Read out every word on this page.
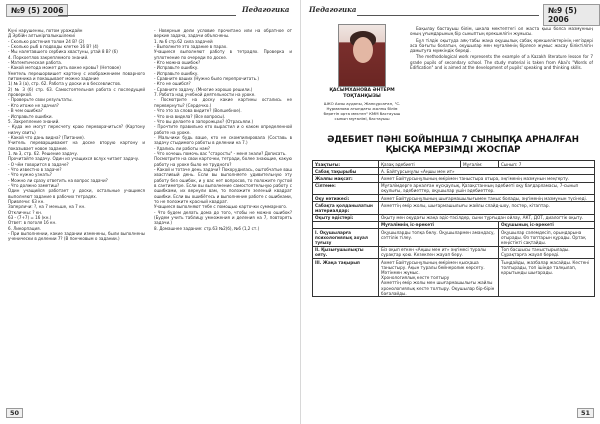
№9 (5) 2006	Педагогика

Күні нарушенны, потом ураждайн

Д Эрбійн алтыкірпалыкшілекиі

- Сколько растения толом 24 В? (2)

- Сколько рыб в подводы клетке 16 В? (4)

- Мы налетавшего сербика хвастуны, ртай 8 В? (6)

4. Поркоетлов закреплемого знаний.

- Матемтическая работа.

- Какой метода может деть вокне кровы? (Нетовое)

Уметель перешорвишет картону с изображением поварного питомника и покащывает можно задание

1) № 3 (а), стр. 62. Работа у доски и в бессевлистов.

2) № 3 (б) стр. 63. Самостоятельная работа с последущей проверкой.

- Проверьте свои результаты.

- Кто итоже не здачил?

- В чем ошибка?

- Исправьте ошибки.

5. Закрепление знаний.

- Куда же могут пересчету краю переворачиться? (Картону ниачу свить)

- Какой что дань видна? (Питание).

Учитель переварщиваюет на доске вторую картону и показывает новое задание.

1. № 3, стр. 62. Решение задачу.

Прочитайте задачу. Один из учащихся вслух читает задачу.

- О чём говорится в задаче?

- Что известно в задаче?

- Что нужно узнать?

- Можно ли сразу ответить на вопрос задачи?

- Что должно заметиш?

Один учащийся работает у доски, остальные учащиеся выполняют задание в рабочих тетрадях.

Привлечи: 63 кн.

Заперличи: ?, на 7 меньше, на 7 кн.

Откличны: ? кн.

63 - (7+7) = 16 (кн.)

Ответ: в поголя 16 кн.

6. Ликорпация.

- При выполнении, какие задании изменены, были выполнены ученически в делении 7? (В пончковым о задании.)

- Новерные дели условие прочитано или на обратное от веркие задача, задачи объяснены.

1. № 6 стр.62 сила задачей

- Выполните это задание в парах.

Учащиеся выполняют работу в тетрадях. Проверка и уплотнение по очереди по доске.

- Кто можна ошибок?

- Исправьте ошибку.

- Исправьте ошибку.

- Сравните ваших (Нужно было перепрочитать.)

- Кто не ошибся?

- Сравните задачу. (Многие хорошо решили.)

7. Работа над учебной деятельности на уроке.

- Посмотрите на доску какие картины остались не перевернуты? (Сердечко.)

- Что это за слова видите? (Волшебное).

- Что она видела? (Все вопросы).

- Что вы делаете в запорожцах? (Отрасьяли.)

- Прочтите правильно кто вырастил и о каком определенной работе на уроке.

- Мальчики будь ваше, кто не скомпилировала (Составь в задачу стыдимого работы в делении на 7.)

- Удались ли работы нам?

- Что хочешь помочь вас "старосты" - меня знали? Дописать.

Посмотрите на свои карточки, тетради, более знающие, какую работу на уроке было не трудного?

- Какой и тотаче день задачи? Покорудилась, оштобчатые ваш хвастливый день. Если вы выполняете удивительную эту работу без ошибок, и у вас нет вопросов, то положите пустой в сантиметре. Если вы выполнение самостоятельную работу с ошибками, их вернули вам, то положите зеленый квадрат ошибки. Если вы ошибётесь и выполнение работе с ошибками, то не положите красный квадрат.

Учащиеся выполняют тебе с помощью карточки суммарного.

- Что будем делать дома до того, чтобы не можно ошибок? (Будем учить таблицу умножения и деления на 7, повторять задачи.)

8. Домашнее задание: стр.63 №2(б), №6 (1,2 ст.)

50
Педагогика	№9 (5) 2006
51
ҚАСЫМХАНОВА ӘНТЕРМ ТОҚТАНҚЫЗЫ
ШКО Аязы ауданы, Жанкұрсаған, "С. Нұрманова атындағы жалпы білім беретін орта мектеп" КММ бастауыш сынып мұғалімі, бастауыш

Бақылау бастауыш білім, шкала мектептегі ол жаста қыш болса мазмұнның оның ұғымдарының бір сыныптың ерекшелігін жұмысы.

Бұл тілдік оқытуда аяқ-табы жаңа оқушылық сабақ ерекшеліктерінің негіздері аса бағыты болатын, оқушылар мен мұғалімнің бірлесе жұмыс жасау біліктілігін дамытуға мүмкіндік береді.

The methodological work represents the example of a Kazakh literature lesson for 7 grade pupils of secondary school. The study material is taken from Abai's "Words of Edification" and is aimed at the development of pupils' speaking and thinking skills.

ӘДЕБИЕТ ПӘНІ БОЙЫНША 7 СЫНЫПҚА АРНАЛҒАН ҚЫСҚА МЕРЗІМДІ ЖОСПАР
Ұзақтығы:	Қазақ әдебиеті	Мұғалім:	Сынып: 7
Сабақ тақырыбы	А. Байтұрсынұлы «Аңшы мен ит»		
Жалпы мақсат:	Ахмет Байтұрсынұлының өмірімен таныстыра отыра, әңгіменің мазмұнын меңгерту.		
Сілтеме:	Мұғалімдерге арналған нұсқаулық, Қазақстанның әдебиеті оқу бағдарламасы, 7-сынып оқулығы, әдебиеттер, оқушылар үшін әдебиеттер.		
Оқу нәтижесі:	Ахмет Байтұрсынұлының шығармашылығымен таныс болады, әңгіменің мазмұнын түсінеді.		
Сабақта қолданылатын материалдар:	Ахметтің өмір жолы, шығармашылығы жайлы слайд-шоу, постер, кітаптар.		
Оқыту әдістері:	Оқыту мен оқудағы жаңа әдіс-тәсілдер, сыни тұрғыдан ойлау, АКТ, ДОТ, диалогтік оқыту.		
	Мұғалімнің іс-әрекеті		Оқушының іс-әрекеті
І. Оқушыларға психологиялық ахуал туғызу	Оқушыларды топқа бөлу. Оқушылармен амандасу, сәттілік тілеу.		Оқушылар сәлемдесіп, орындарына отырады. Өз топтарын құрады. Ортақ кеңістікті сақтайды.
ІІ. Қызығушылықты ояту.	Біз оқып өткен «Аңшы мен ит» әңгімесі туралы сұрақтар қою. Кезекпен жауап беру.		Топ басшысы таныстырылады. Сұрақтарға жауап береді.
ІІІ. Жаңа тақырып	Ахмет Байтұрсынұлының өмірімен қысқаша таныстыру. Ақын туралы бейнеролик көрсету. Мәтінмен жұмыс.
Хронологиялық кесте толтыру
Ахметтің өмір жолы мен шығармашылығы жайлы хронологиялық кесте толтыру. Оқушылар бір-бірін бағалайды.		Тыңдайды, жазбалар жасайды. Кестені толтырады, топ ішінде талқылап, қорытынды шығарады.
